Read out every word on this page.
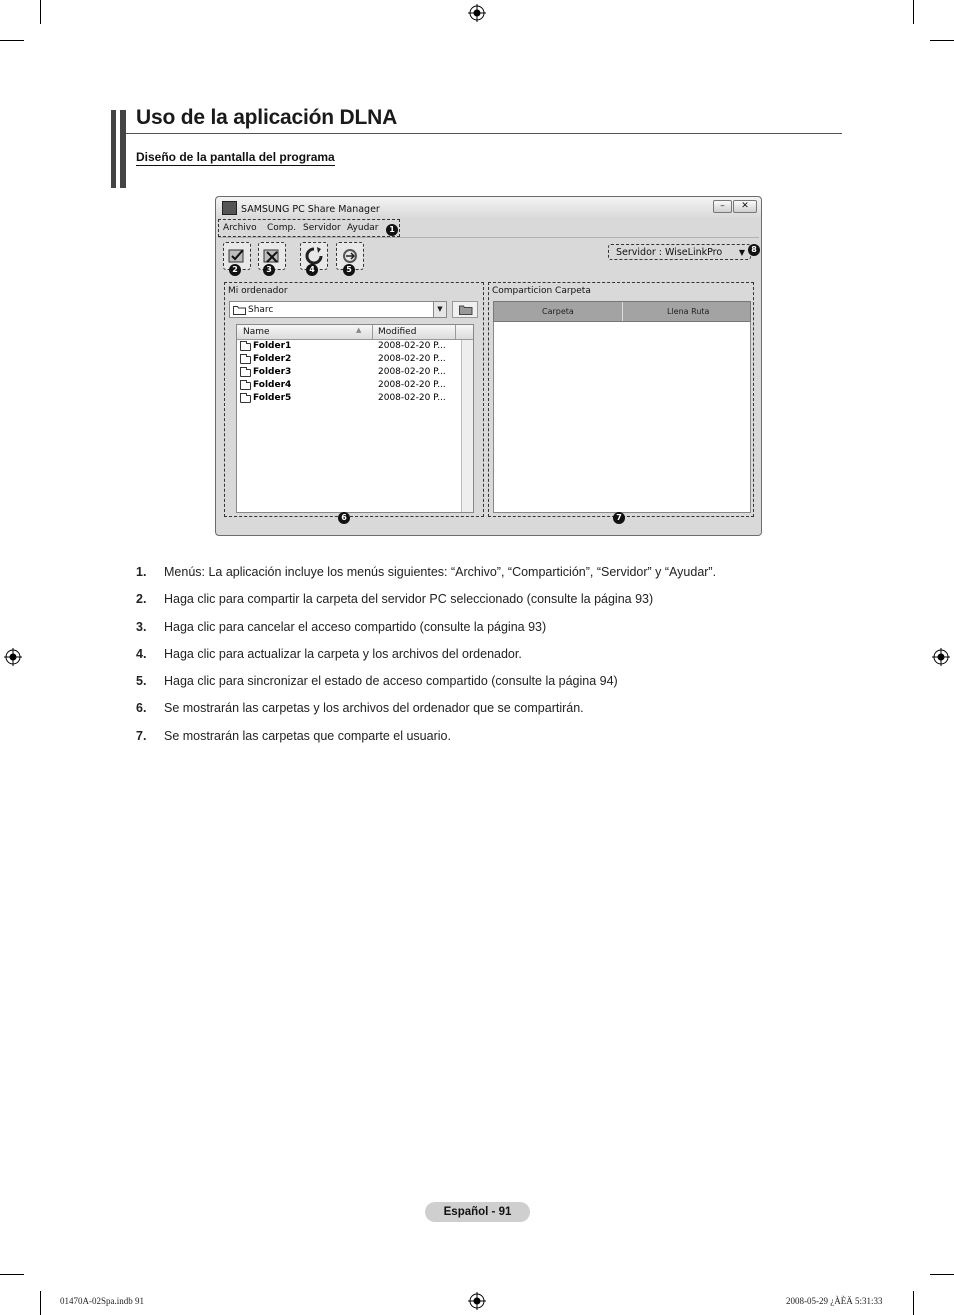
Uso de la aplicación DLNA
Diseño de la pantalla del programa
SAMSUNG PC Share Manager	–	✕
Archivo Comp. Servidor Ayudar	1
2	3	4	5
Servidor : WiseLinkPro ▼ 8
Mi ordenador
Sharc	▼
Name	▲ Modified
Folder1	2008-02-20 P...
Folder2	2008-02-20 P...
Folder3	2008-02-20 P...
Folder4	2008-02-20 P...
Folder5	2008-02-20 P...
6
Comparticion Carpeta
Carpeta	Llena Ruta
7
1. Menús: La aplicación incluye los menús siguientes: “Archivo”, “Compartición”, “Servidor” y “Ayudar”.
2. Haga clic para compartir la carpeta del servidor PC seleccionado (consulte la página 93)
3. Haga clic para cancelar el acceso compartido (consulte la página 93)
4. Haga clic para actualizar la carpeta y los archivos del ordenador.
5. Haga clic para sincronizar el estado de acceso compartido (consulte la página 94)
6. Se mostrarán las carpetas y los archivos del ordenador que se compartirán.
7. Se mostrarán las carpetas que comparte el usuario.
Español - 91
01470A-02Spa.indb 91	2008-05-29 ¿ÀÈÄ 5:31:33
